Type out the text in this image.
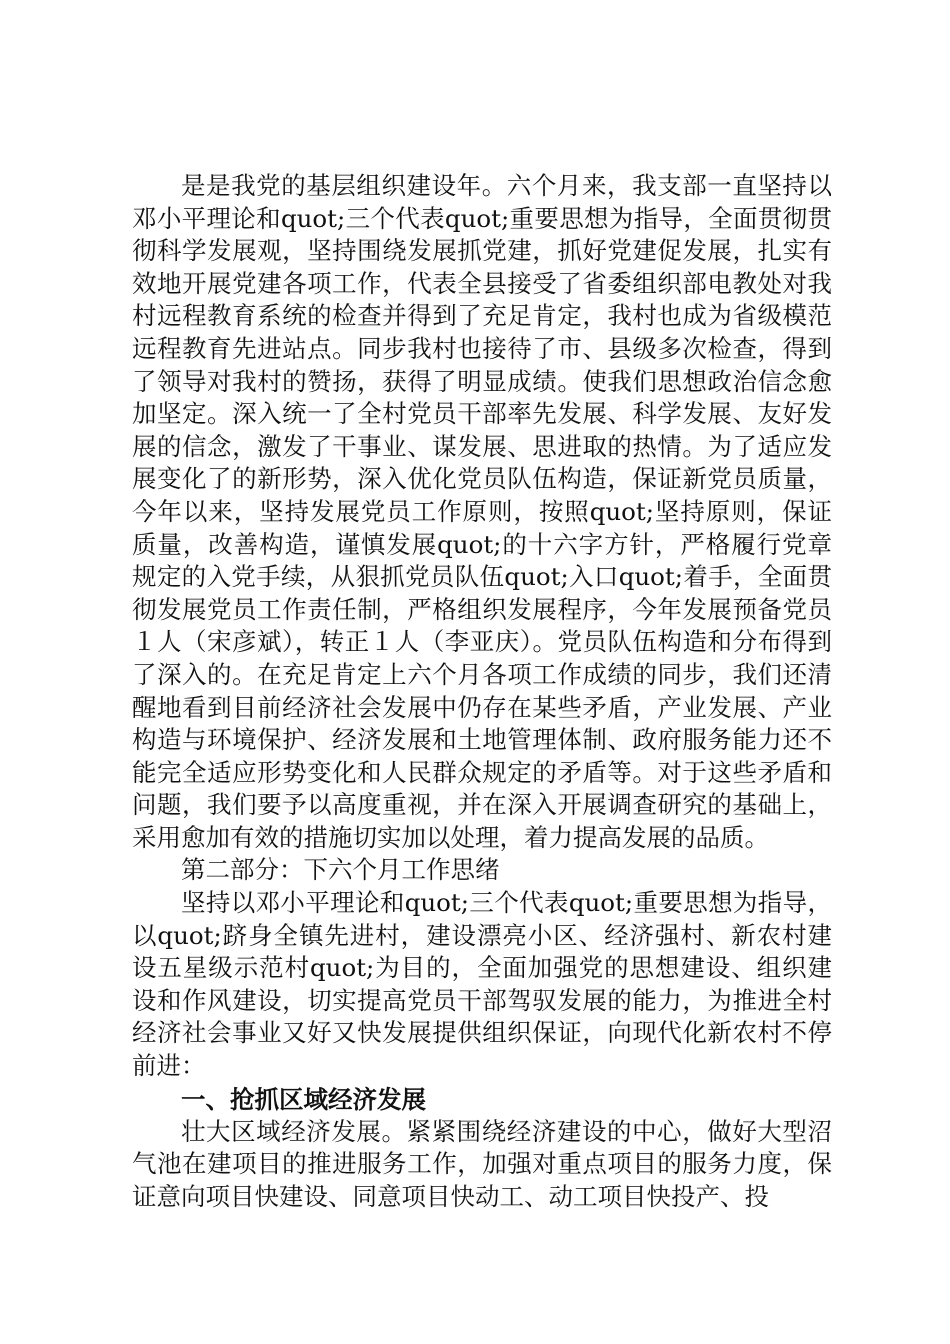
是是我党的基层组织建设年。六个月来，我支部一直坚持以邓小平理论和quot;三个代表quot;重要思想为指导，全面贯彻贯彻科学发展观，坚持围绕发展抓党建，抓好党建促发展，扎实有效地开展党建各项工作，代表全县接受了省委组织部电教处对我村远程教育系统的检查并得到了充足肯定，我村也成为省级模范远程教育先进站点。同步我村也接待了市、县级多次检查，得到了领导对我村的赞扬，获得了明显成绩。使我们思想政治信念愈加坚定。深入统一了全村党员干部率先发展、科学发展、友好发展的信念，激发了干事业、谋发展、思进取的热情。为了适应发展变化了的新形势，深入优化党员队伍构造，保证新党员质量，今年以来，坚持发展党员工作原则，按照quot;坚持原则，保证质量，改善构造，谨慎发展quot;的十六字方针，严格履行党章规定的入党手续，从狠抓党员队伍quot;入口quot;着手，全面贯彻发展党员工作责任制，严格组织发展程序，今年发展预备党员１人（宋彦斌），转正１人（李亚庆）。党员队伍构造和分布得到了深入的。在充足肯定上六个月各项工作成绩的同步，我们还清醒地看到目前经济社会发展中仍存在某些矛盾，产业发展、产业构造与环境保护、经济发展和土地管理体制、政府服务能力还不能完全适应形势变化和人民群众规定的矛盾等。对于这些矛盾和问题，我们要予以高度重视，并在深入开展调查研究的基础上，采用愈加有效的措施切实加以处理，着力提高发展的品质。

第二部分：下六个月工作思绪

坚持以邓小平理论和quot;三个代表quot;重要思想为指导，以quot;跻身全镇先进村，建设漂亮小区、经济强村、新农村建设五星级示范村quot;为目的，全面加强党的思想建设、组织建设和作风建设，切实提高党员干部驾驭发展的能力，为推进全村经济社会事业又好又快发展提供组织保证，向现代化新农村不停前进：

一、抢抓区域经济发展

壮大区域经济发展。紧紧围绕经济建设的中心，做好大型沼气池在建项目的推进服务工作，加强对重点项目的服务力度，保证意向项目快建设、同意项目快动工、动工项目快投产、投
